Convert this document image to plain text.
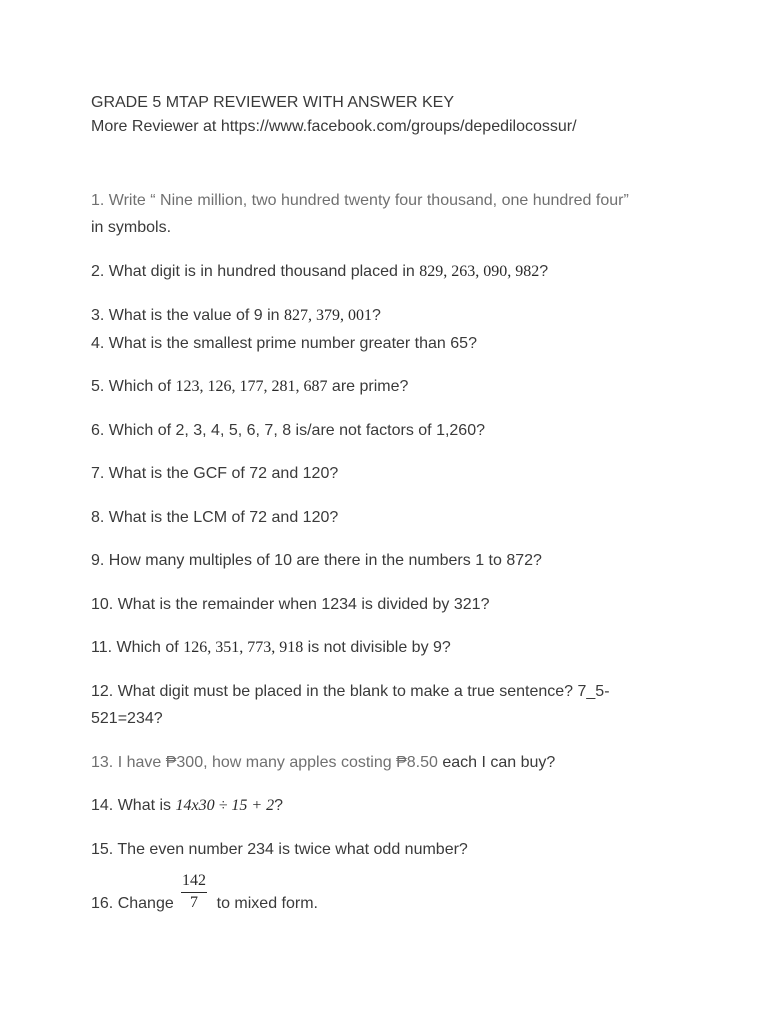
GRADE 5 MTAP REVIEWER WITH ANSWER KEY
More Reviewer at https://www.facebook.com/groups/depedilocossur/
1. Write “ Nine million, two hundred twenty four thousand, one hundred four”
in symbols.
2. What digit is in hundred thousand placed in 829, 263, 090, 982?
3. What is the value of 9 in 827, 379, 001?
4. What is the smallest prime number greater than 65?
5. Which of 123, 126, 177, 281, 687 are prime?
6. Which of 2, 3, 4, 5, 6, 7, 8 is/are not factors of 1,260?
7. What is the GCF of 72 and 120?
8. What is the LCM of 72 and 120?
9. How many multiples of 10 are there in the numbers 1 to 872?
10. What is the remainder when 1234 is divided by 321?
11. Which of 126, 351, 773, 918 is not divisible by 9?
12. What digit must be placed in the blank to make a true sentence? 7_5-
521=234?
13. I have ₱300, how many apples costing ₱8.50 each I can buy?
14. What is 14x30 ÷ 15 + 2?
15. The even number 234 is twice what odd number?
16. Change  to mixed form.
142
7
